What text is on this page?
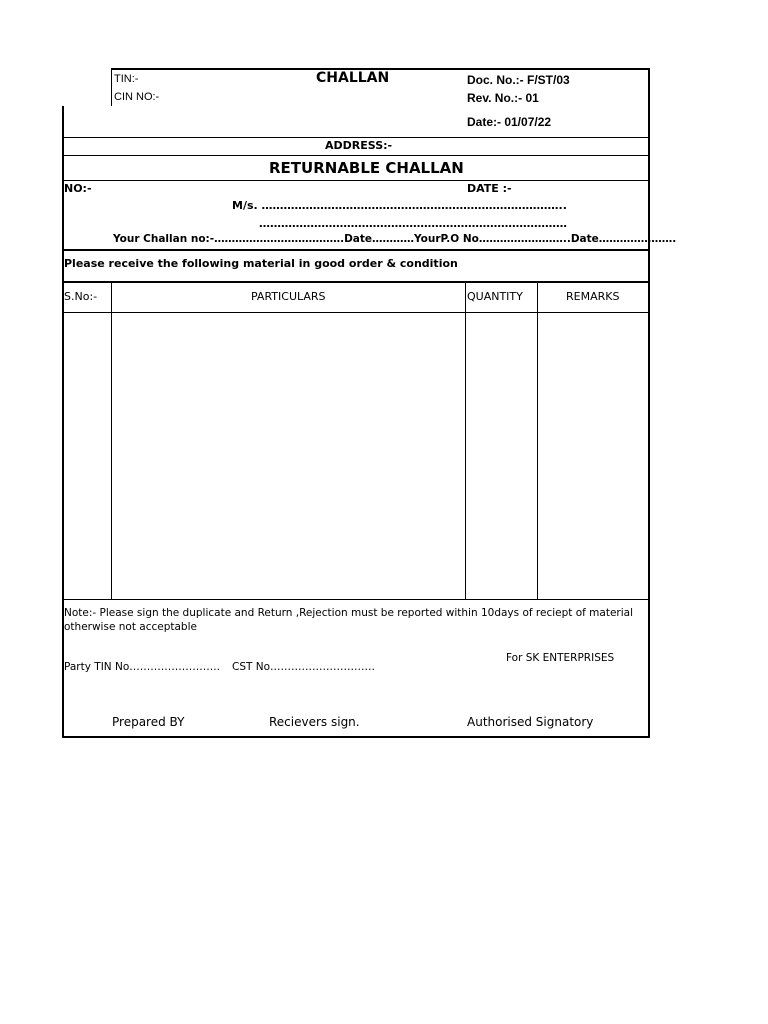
TIN:-
CIN NO:-
CHALLAN	Doc. No.:- F/ST/03
Rev. No.:- 01
Date:- 01/07/22
ADDRESS:-
RETURNABLE CHALLAN
NO:-	DATE :-
M/s. ………………………………………………………………………..
…………………………………………………………………………
Your Challan no:-……………………………….Date…………YourP.O No……………………..Date………………….
Please receive the following material in good order & condition
S.No:-	PARTICULARS	QUANTITY	REMARKS
Note:- Please sign the duplicate and Return ,Rejection must be reported within 10days of reciept of material
otherwise not acceptable
For SK ENTERPRISES
Party TIN No…………………….. CST No…………………………
Prepared BY	Recievers sign.	Authorised Signatory
